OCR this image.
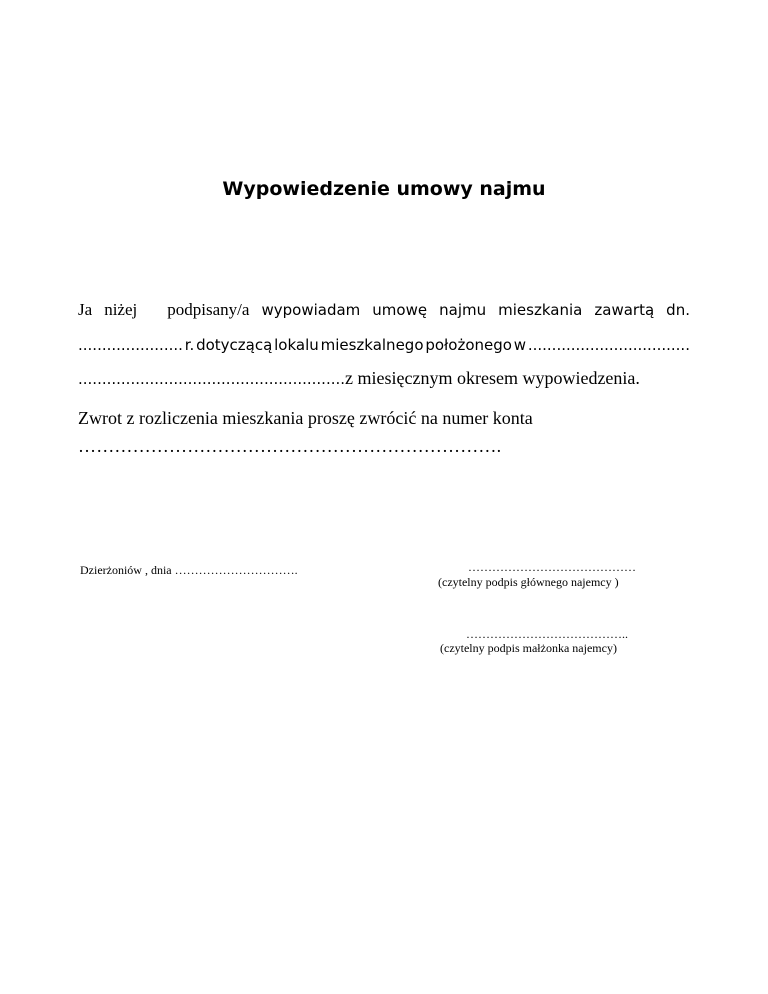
Wypowiedzenie umowy najmu

Ja niżej podpisany/a wypowiadam umowę najmu mieszkania zawartą dn.

...................... r. dotyczącą lokalu mieszkalnego położonego w ..................................

........................................................z miesięcznym okresem wypowiedzenia.

Zwrot z rozliczenia mieszkania proszę zwrócić na numer konta

…………………………………………………………….

Dzierżoniów , dnia ………………………….	……………………………………

(czytelny podpis głównego najemcy )

…………………………………..

(czytelny podpis małżonka najemcy)
